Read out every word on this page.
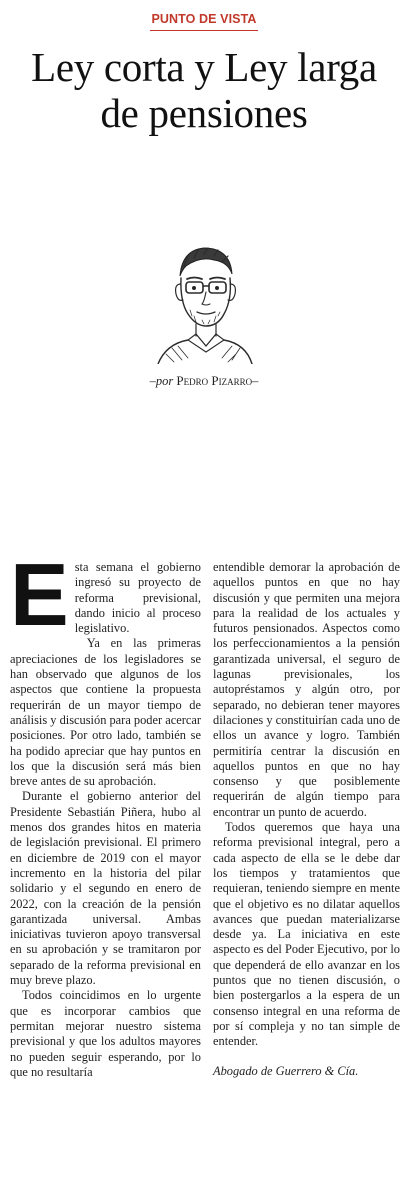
PUNTO DE VISTA
Ley corta y Ley larga de pensiones
–por Pedro Pizarro–

Esta semana el gobierno ingresó su proyecto de reforma previsional, dando inicio al proceso legislativo.

Ya en las primeras apreciaciones de los legisladores se han observado que algunos de los aspectos que contiene la propuesta requerirán de un mayor tiempo de análisis y discusión para poder acercar posiciones. Por otro lado, también se ha podido apreciar que hay puntos en los que la discusión será más bien breve antes de su aprobación.

Durante el gobierno anterior del Presidente Sebastián Piñera, hubo al menos dos grandes hitos en materia de legislación previsional. El primero en diciembre de 2019 con el mayor incremento en la historia del pilar solidario y el segundo en enero de 2022, con la creación de la pensión garantizada universal. Ambas iniciativas tuvieron apoyo transversal en su aprobación y se tramitaron por separado de la reforma previsional en muy breve plazo.

Todos coincidimos en lo urgente que es incorporar cambios que permitan mejorar nuestro sistema previsional y que los adultos mayores no pueden seguir esperando, por lo que no resultaría

entendible demorar la aprobación de aquellos puntos en que no hay discusión y que permiten una mejora para la realidad de los actuales y futuros pensionados. Aspectos como los perfeccionamientos a la pensión garantizada universal, el seguro de lagunas previsionales, los autopréstamos y algún otro, por separado, no debieran tener mayores dilaciones y constituirían cada uno de ellos un avance y logro. También permitiría centrar la discusión en aquellos puntos en que no hay consenso y que posiblemente requerirán de algún tiempo para encontrar un punto de acuerdo.

Todos queremos que haya una reforma previsional integral, pero a cada aspecto de ella se le debe dar los tiempos y tratamientos que requieran, teniendo siempre en mente que el objetivo es no dilatar aquellos avances que puedan materializarse desde ya. La iniciativa en este aspecto es del Poder Ejecutivo, por lo que dependerá de ello avanzar en los puntos que no tienen discusión, o bien postergarlos a la espera de un consenso integral en una reforma de por sí compleja y no tan simple de entender.

Abogado de Guerrero & Cía.
